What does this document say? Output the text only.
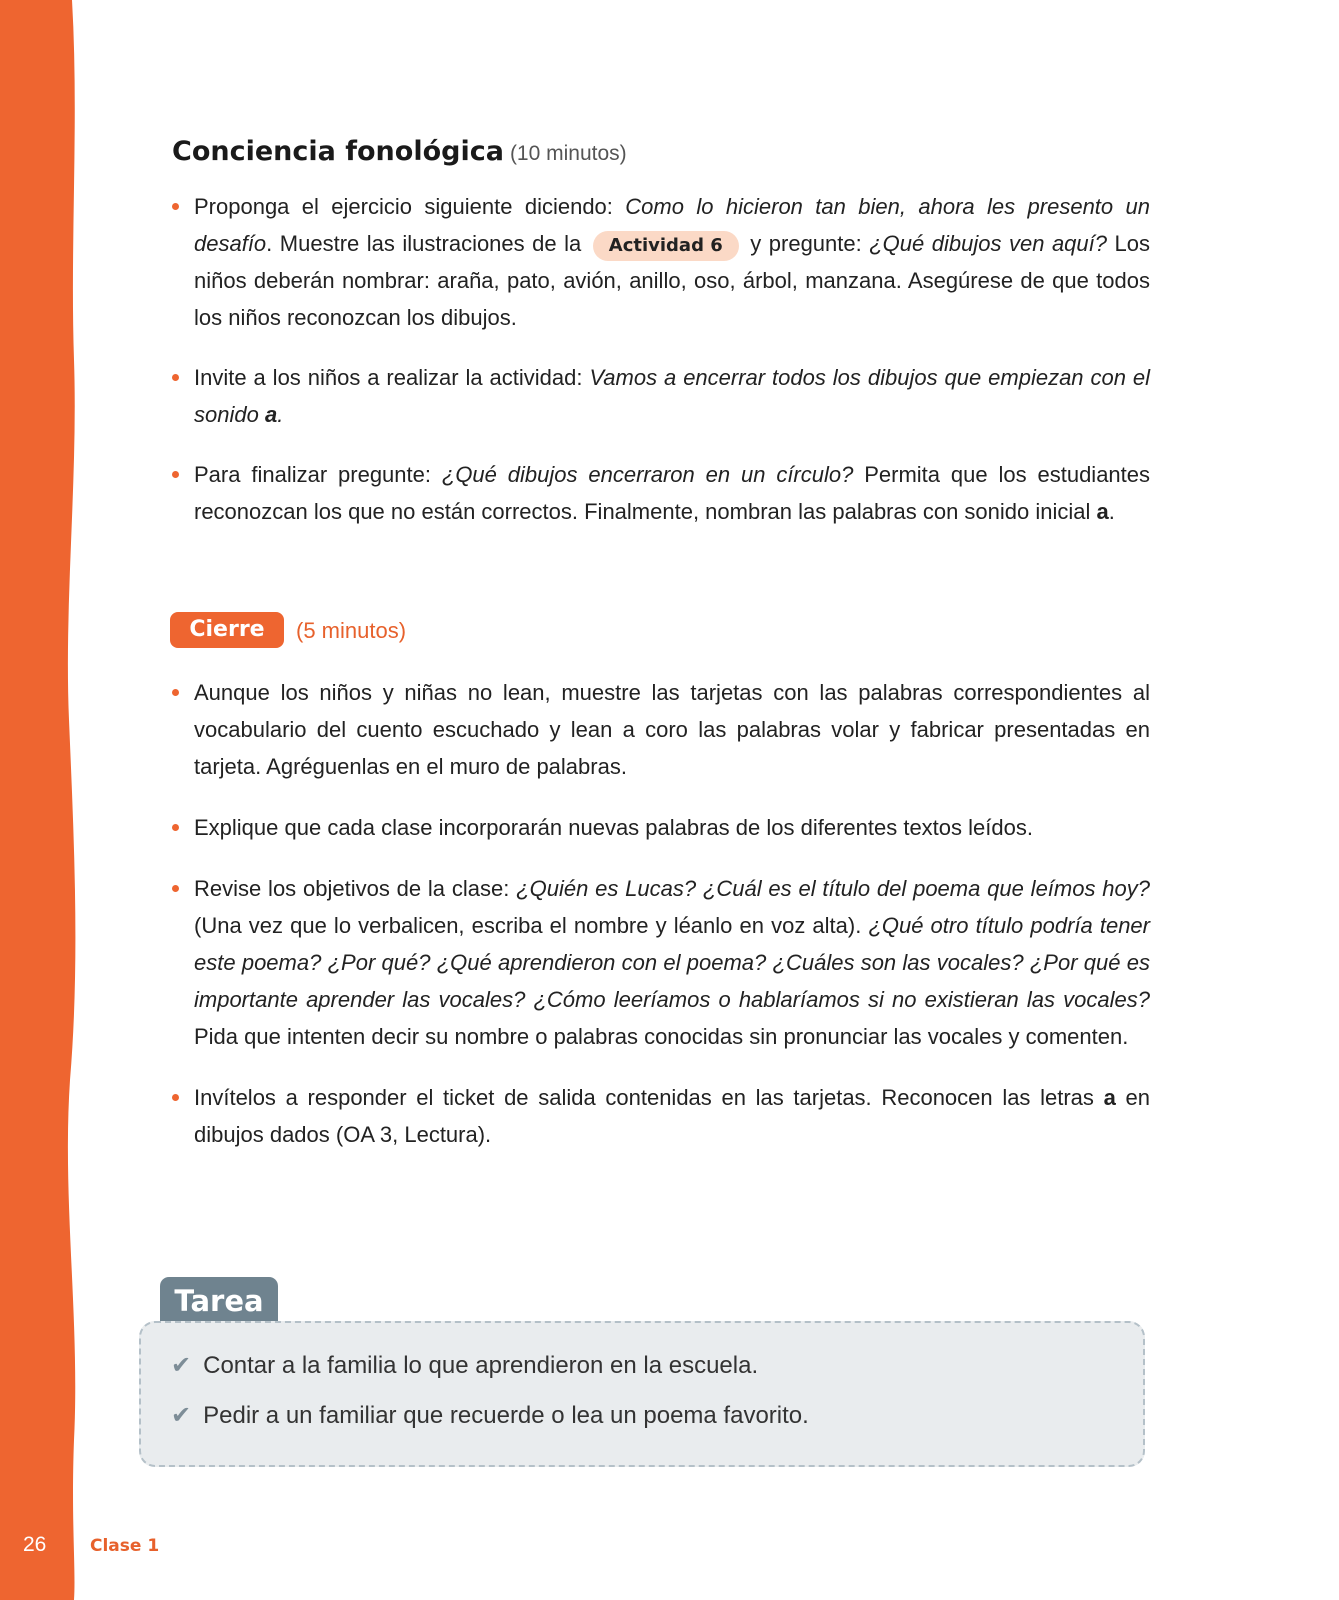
Conciencia fonológica (10 minutos)
Proponga el ejercicio siguiente diciendo: Como lo hicieron tan bien, ahora les presento un desafío. Muestre las ilustraciones de la Actividad 6 y pregunte: ¿Qué dibujos ven aquí? Los niños deberán nombrar: araña, pato, avión, anillo, oso, árbol, manzana. Asegúrese de que todos los niños reconozcan los dibujos.
Invite a los niños a realizar la actividad: Vamos a encerrar todos los dibujos que empiezan con el sonido a.
Para finalizar pregunte: ¿Qué dibujos encerraron en un círculo? Permita que los estudiantes reconozcan los que no están correctos. Finalmente, nombran las palabras con sonido inicial a.
Cierre	(5 minutos)
Aunque los niños y niñas no lean, muestre las tarjetas con las palabras correspondientes al vocabulario del cuento escuchado y lean a coro las palabras volar y fabricar presentadas en tarjeta. Agréguenlas en el muro de palabras.
Explique que cada clase incorporarán nuevas palabras de los diferentes textos leídos.
Revise los objetivos de la clase: ¿Quién es Lucas? ¿Cuál es el título del poema que leímos hoy? (Una vez que lo verbalicen, escriba el nombre y léanlo en voz alta). ¿Qué otro título podría tener este poema? ¿Por qué? ¿Qué aprendieron con el poema? ¿Cuáles son las vocales? ¿Por qué es importante aprender las vocales? ¿Cómo leeríamos o hablaríamos si no existieran las vocales? Pida que intenten decir su nombre o palabras conocidas sin pronunciar las vocales y comenten.
Invítelos a responder el ticket de salida contenidas en las tarjetas. Reconocen las letras a en dibujos dados (OA 3, Lectura).
Tarea
✔ Contar a la familia lo que aprendieron en la escuela.
✔ Pedir a un familiar que recuerde o lea un poema favorito.
26	Clase 1
